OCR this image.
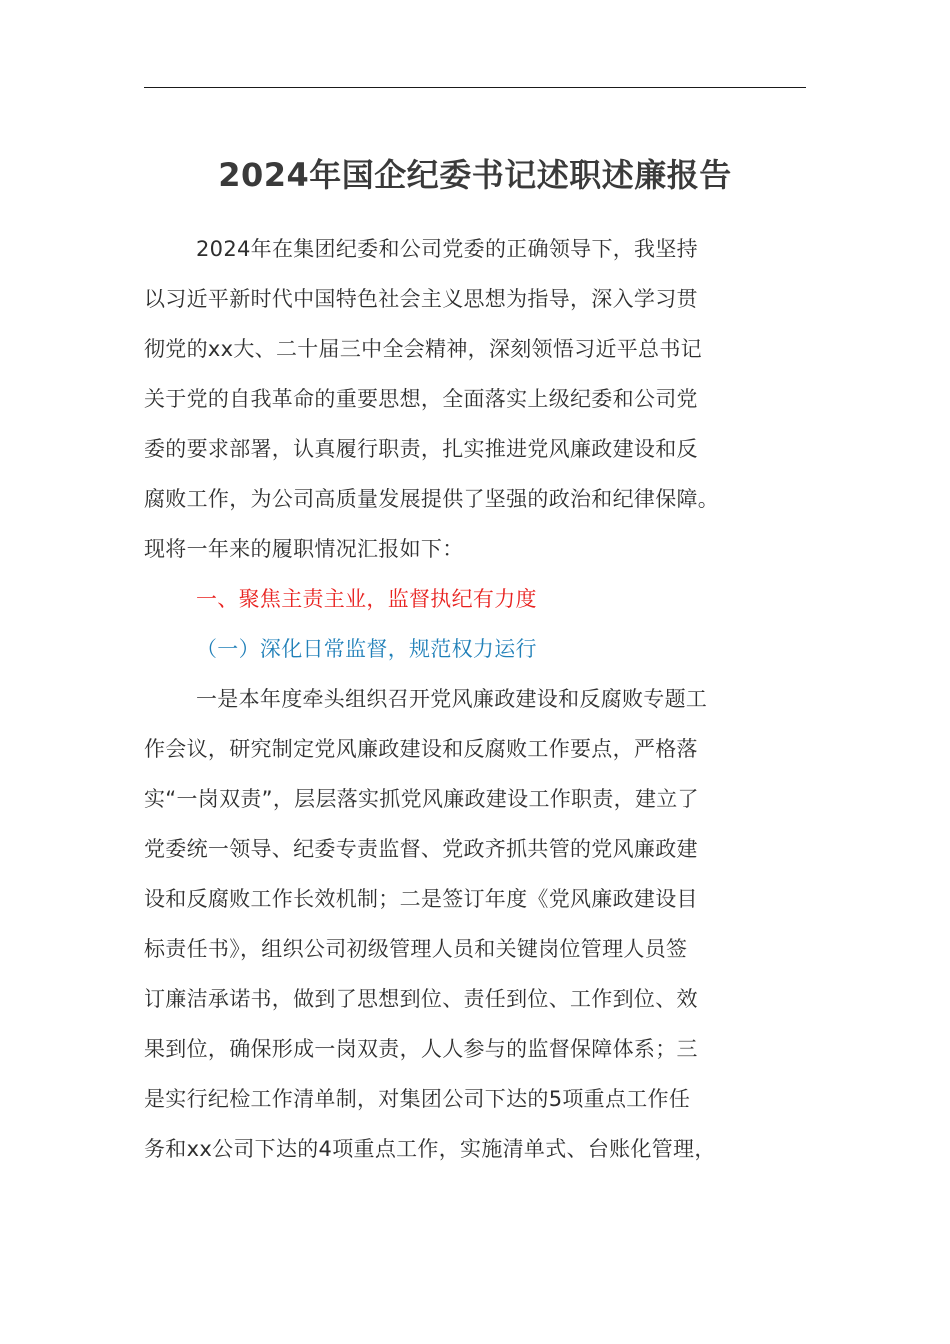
2024年国企纪委书记述职述廉报告
2024年在集团纪委和公司党委的正确领导下，我坚持
以习近平新时代中国特色社会主义思想为指导，深入学习贯
彻党的xx大、二十届三中全会精神，深刻领悟习近平总书记
关于党的自我革命的重要思想，全面落实上级纪委和公司党
委的要求部署，认真履行职责，扎实推进党风廉政建设和反
腐败工作，为公司高质量发展提供了坚强的政治和纪律保障。
现将一年来的履职情况汇报如下：
一、聚焦主责主业，监督执纪有力度
（一）深化日常监督，规范权力运行
一是本年度牵头组织召开党风廉政建设和反腐败专题工
作会议，研究制定党风廉政建设和反腐败工作要点，严格落
实“一岗双责”，层层落实抓党风廉政建设工作职责，建立了
党委统一领导、纪委专责监督、党政齐抓共管的党风廉政建
设和反腐败工作长效机制；二是签订年度《党风廉政建设目
标责任书》，组织公司初级管理人员和关键岗位管理人员签
订廉洁承诺书，做到了思想到位、责任到位、工作到位、效
果到位，确保形成一岗双责，人人参与的监督保障体系；三
是实行纪检工作清单制，对集团公司下达的5项重点工作任
务和xx公司下达的4项重点工作，实施清单式、台账化管理，
